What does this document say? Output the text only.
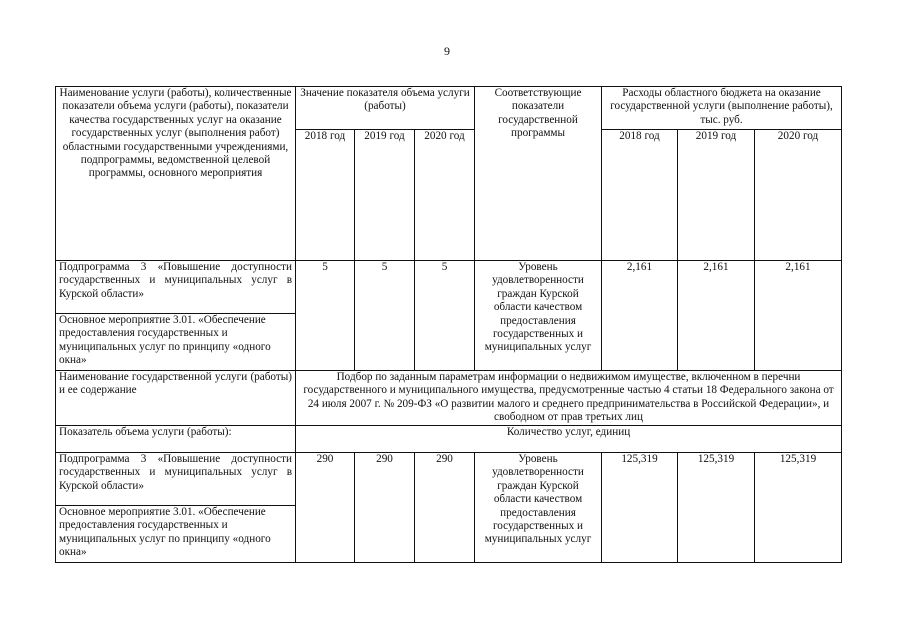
9
Наименование услуги (работы), количественные показатели объема услуги (работы), показатели качества государственных услуг на оказание государственных услуг (выполнения работ) областными государственными учреждениями, подпрограммы, ведомственной целевой программы, основного мероприятия	Значение показателя объема услуги (работы)			Соответствующие показатели государственной программы	Расходы областного бюджета на оказание государственной услуги (выполнение работы), тыс. руб.		
	2018 год	2019 год	2020 год		2018 год	2019 год	2020 год
Подпрограмма 3 «Повышение доступности государственных и муниципальных услуг в Курской области»	5	5	5	Уровень удовлетворенности граждан Курской области качеством предоставления государственных и муниципальных услуг	2,161	2,161	2,161
Основное мероприятие 3.01. «Обеспечение предоставления государственных и муниципальных услуг по принципу «одного окна»							
Наименование государственной услуги (работы) и ее содержание	Подбор по заданным параметрам информации о недвижимом имуществе, включенном в перечни государственного и муниципального имущества, предусмотренные частью 4 статьи 18 Федерального закона от 24 июля 2007 г. № 209-ФЗ «О развитии малого и среднего предпринимательства в Российской Федерации», и свободном от прав третьих лиц						
Показатель объема услуги (работы):	Количество услуг, единиц						
Подпрограмма 3 «Повышение доступности государственных и муниципальных услуг в Курской области»	290	290	290	Уровень удовлетворенности граждан Курской области качеством предоставления государственных и муниципальных услуг	125,319	125,319	125,319
Основное мероприятие 3.01. «Обеспечение предоставления государственных и муниципальных услуг по принципу «одного окна»							
